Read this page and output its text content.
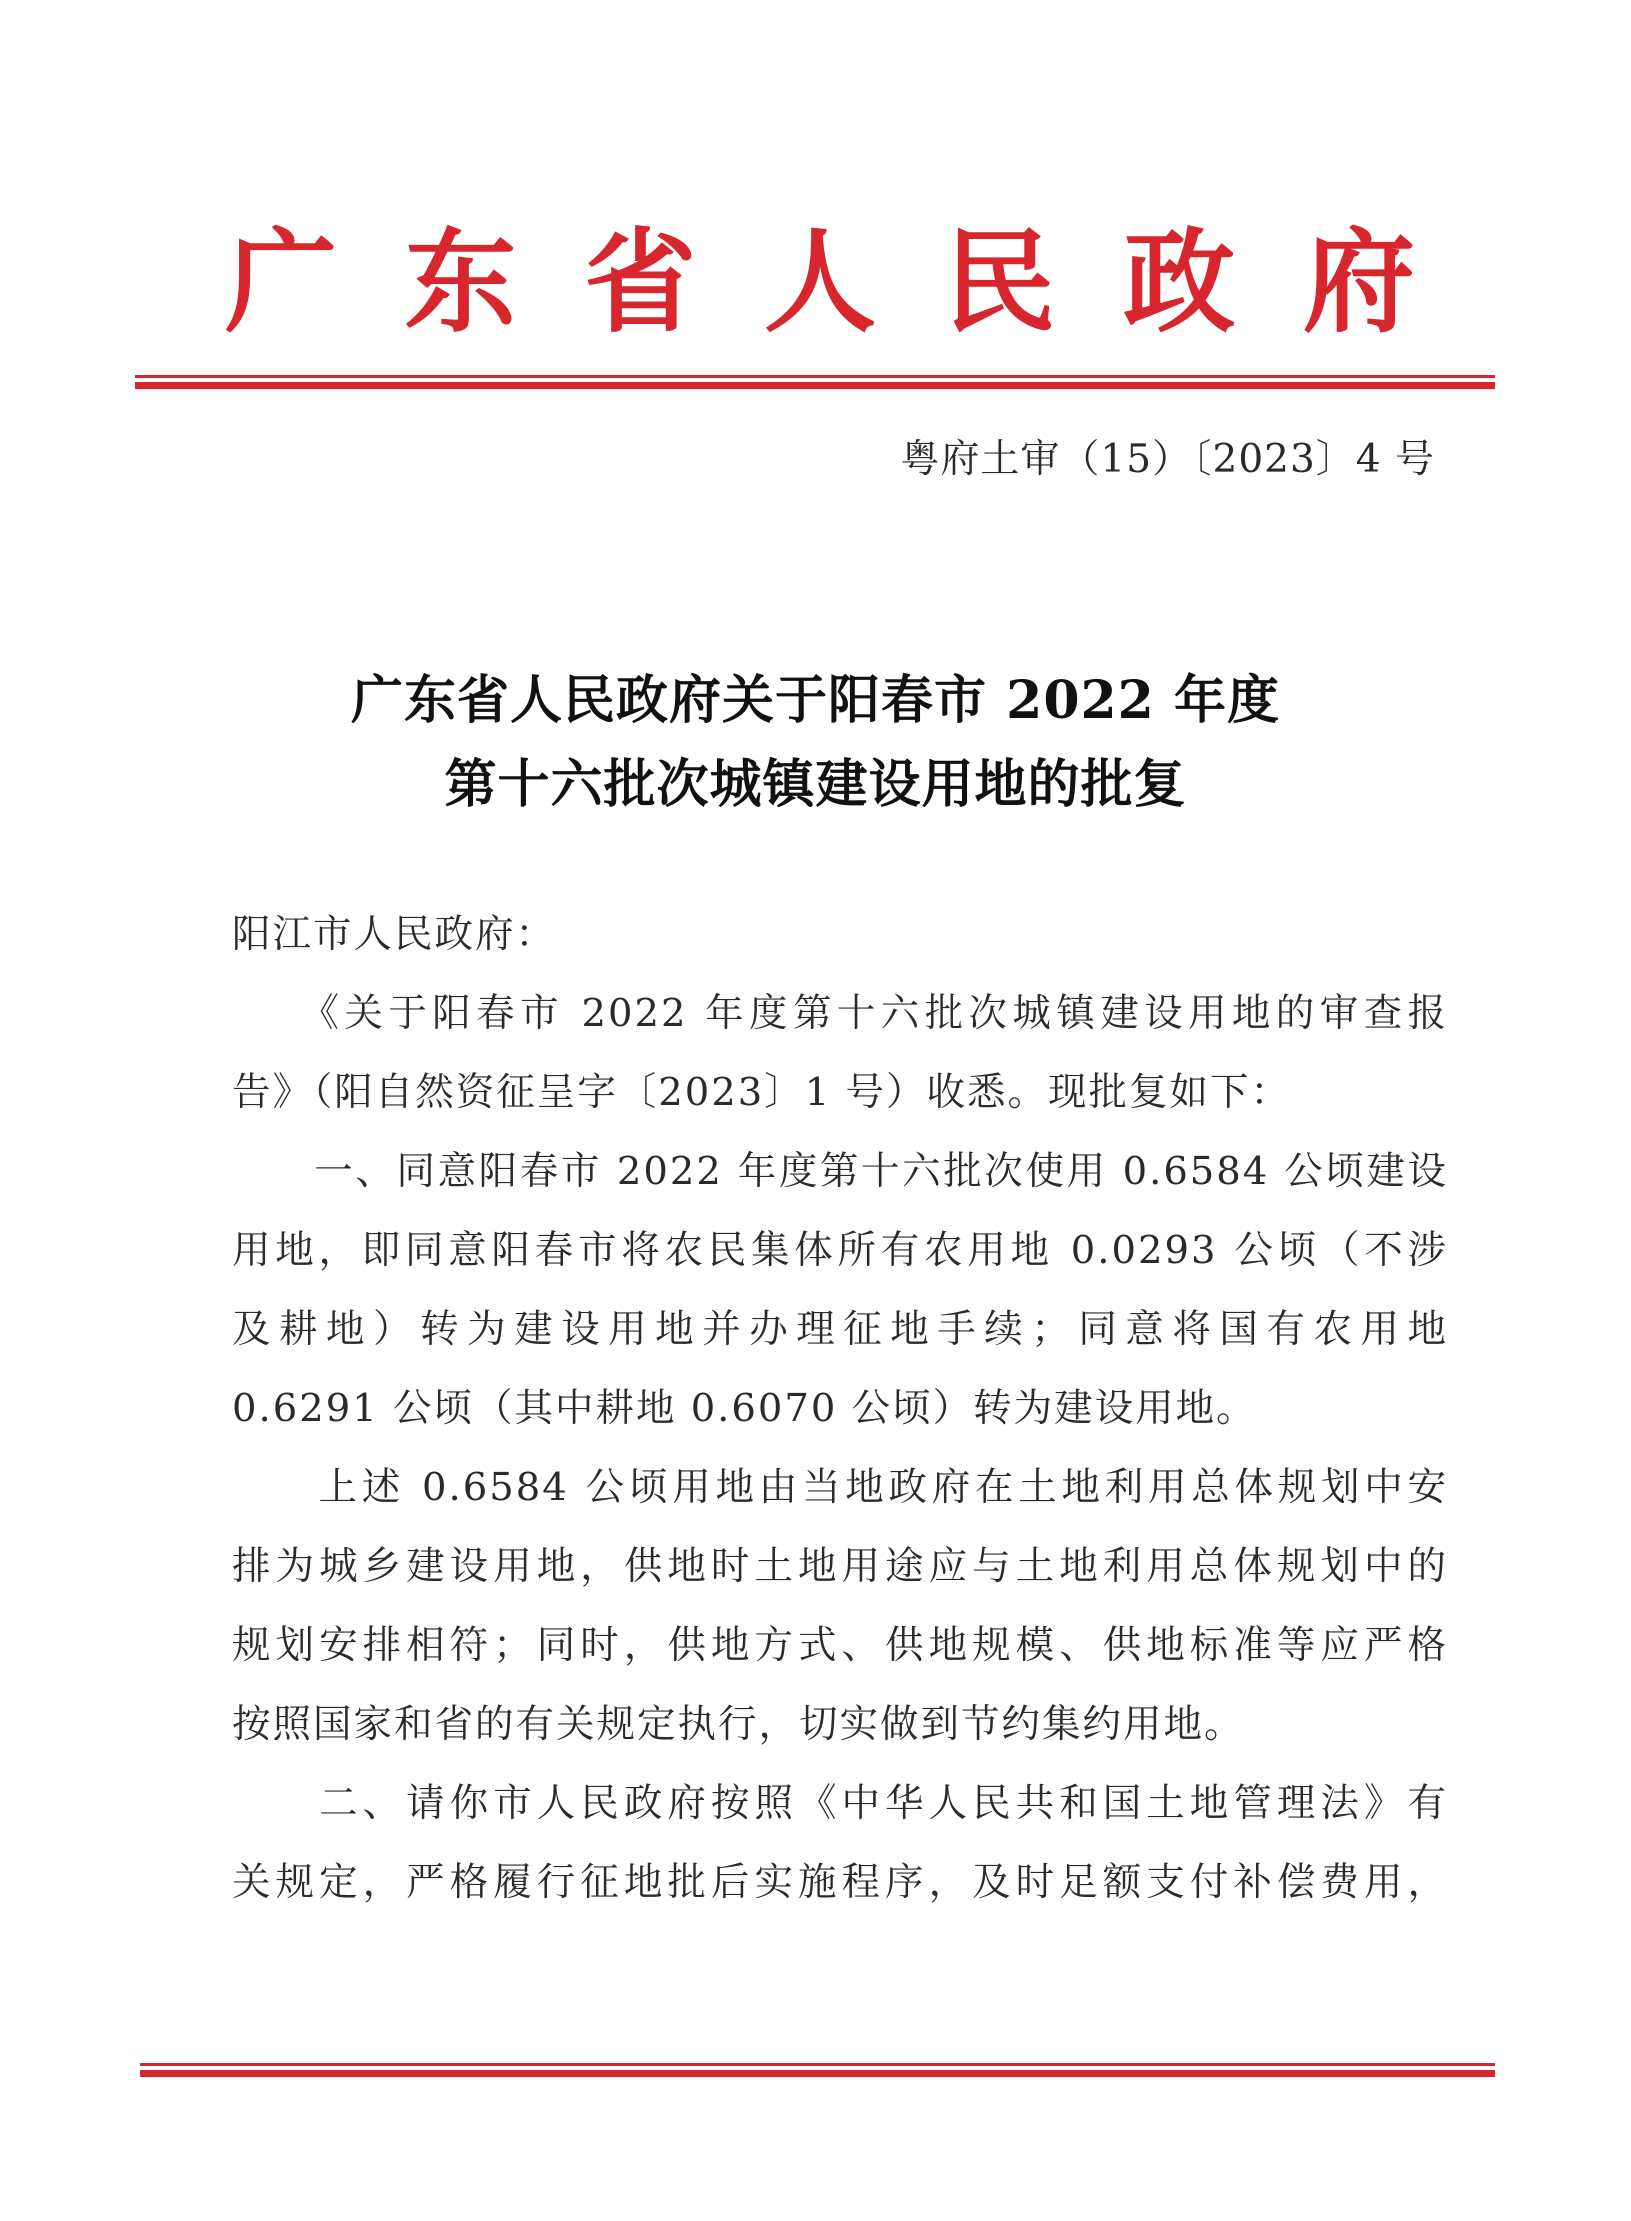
广 东 省 人 民 政 府
粤府土审（15）〔2023〕4 号
广东省人民政府关于阳春市 2022 年度
第十六批次城镇建设用地的批复
阳江市人民政府：
　　《关于阳春市 2022 年度第十六批次城镇建设用地的审查报
告》（阳自然资征呈字〔2023〕1 号）收悉。现批复如下：
　　一、同意阳春市 2022 年度第十六批次使用 0.6584 公顷建设
用地，即同意阳春市将农民集体所有农用地 0.0293 公顷（不涉
及耕地）转为建设用地并办理征地手续；同意将国有农用地
0.6291 公顷（其中耕地 0.6070 公顷）转为建设用地。
　　上述 0.6584 公顷用地由当地政府在土地利用总体规划中安
排为城乡建设用地，供地时土地用途应与土地利用总体规划中的
规划安排相符；同时，供地方式、供地规模、供地标准等应严格
按照国家和省的有关规定执行，切实做到节约集约用地。
　　二、请你市人民政府按照《中华人民共和国土地管理法》有
关规定，严格履行征地批后实施程序，及时足额支付补偿费用，
